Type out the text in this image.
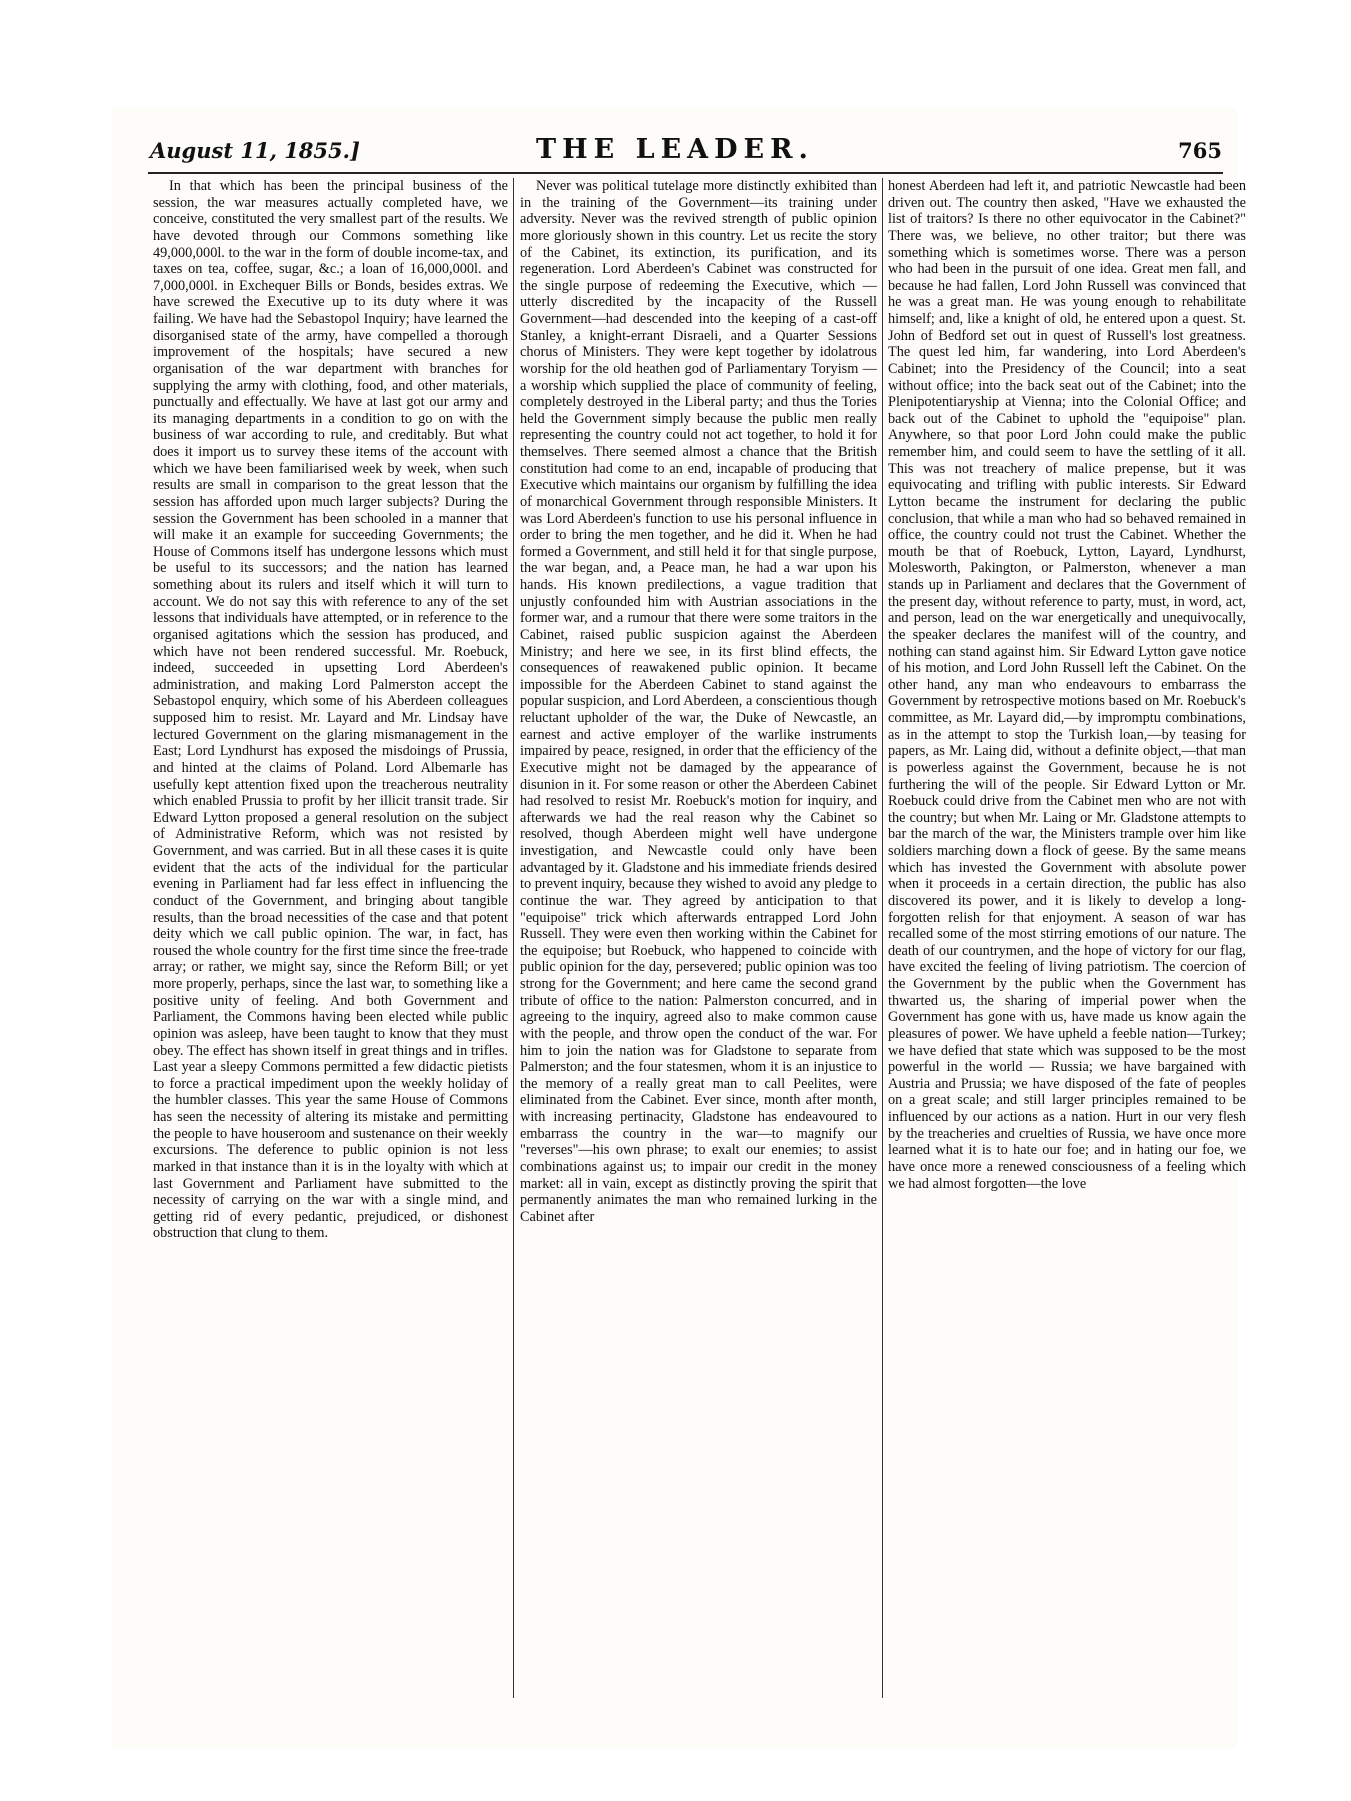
August 11, 1855.]	THE LEADER.	765

In that which has been the principal business of the session, the war measures actually completed have, we conceive, constituted the very smallest part of the results. We have devoted through our Commons something like 49,000,000l. to the war in the form of double income-tax, and taxes on tea, coffee, sugar, &c.; a loan of 16,000,000l. and 7,000,000l. in Exchequer Bills or Bonds, besides extras. We have screwed the Executive up to its duty where it was failing. We have had the Sebastopol Inquiry; have learned the disorganised state of the army, have compelled a thorough improvement of the hospitals; have secured a new organisation of the war department with branches for supplying the army with clothing, food, and other materials, punctually and effectually. We have at last got our army and its managing departments in a condition to go on with the business of war according to rule, and creditably. But what does it import us to survey these items of the account with which we have been familiarised week by week, when such results are small in comparison to the great lesson that the session has afforded upon much larger subjects? During the session the Government has been schooled in a manner that will make it an example for succeeding Governments; the House of Commons itself has undergone lessons which must be useful to its successors; and the nation has learned something about its rulers and itself which it will turn to account. We do not say this with reference to any of the set lessons that individuals have attempted, or in reference to the organised agitations which the session has produced, and which have not been rendered successful. Mr. Roebuck, indeed, succeeded in upsetting Lord Aberdeen's administration, and making Lord Palmerston accept the Sebastopol enquiry, which some of his Aberdeen colleagues supposed him to resist. Mr. Layard and Mr. Lindsay have lectured Government on the glaring mismanagement in the East; Lord Lyndhurst has exposed the misdoings of Prussia, and hinted at the claims of Poland. Lord Albemarle has usefully kept attention fixed upon the treacherous neutrality which enabled Prussia to profit by her illicit transit trade. Sir Edward Lytton proposed a general resolution on the subject of Administrative Reform, which was not resisted by Government, and was carried. But in all these cases it is quite evident that the acts of the individual for the particular evening in Parliament had far less effect in influencing the conduct of the Government, and bringing about tangible results, than the broad necessities of the case and that potent deity which we call public opinion. The war, in fact, has roused the whole country for the first time since the free-trade array; or rather, we might say, since the Reform Bill; or yet more properly, perhaps, since the last war, to something like a positive unity of feeling. And both Government and Parliament, the Commons having been elected while public opinion was asleep, have been taught to know that they must obey. The effect has shown itself in great things and in trifles. Last year a sleepy Commons permitted a few didactic pietists to force a practical impediment upon the weekly holiday of the humbler classes. This year the same House of Commons has seen the necessity of altering its mistake and permitting the people to have houseroom and sustenance on their weekly excursions. The deference to public opinion is not less marked in that instance than it is in the loyalty with which at last Government and Parliament have submitted to the necessity of carrying on the war with a single mind, and getting rid of every pedantic, prejudiced, or dishonest obstruction that clung to them.

Never was political tutelage more distinctly exhibited than in the training of the Government—its training under adversity. Never was the revived strength of public opinion more gloriously shown in this country. Let us recite the story of the Cabinet, its extinction, its purification, and its regeneration. Lord Aberdeen's Cabinet was constructed for the single purpose of redeeming the Executive, which — utterly discredited by the incapacity of the Russell Government—had descended into the keeping of a cast-off Stanley, a knight-errant Disraeli, and a Quarter Sessions chorus of Ministers. They were kept together by idolatrous worship for the old heathen god of Parliamentary Toryism — a worship which supplied the place of community of feeling, completely destroyed in the Liberal party; and thus the Tories held the Government simply because the public men really representing the country could not act together, to hold it for themselves. There seemed almost a chance that the British constitution had come to an end, incapable of producing that Executive which maintains our organism by fulfilling the idea of monarchical Government through responsible Ministers. It was Lord Aberdeen's function to use his personal influence in order to bring the men together, and he did it. When he had formed a Government, and still held it for that single purpose, the war began, and, a Peace man, he had a war upon his hands. His known predilections, a vague tradition that unjustly confounded him with Austrian associations in the former war, and a rumour that there were some traitors in the Cabinet, raised public suspicion against the Aberdeen Ministry; and here we see, in its first blind effects, the consequences of reawakened public opinion. It became impossible for the Aberdeen Cabinet to stand against the popular suspicion, and Lord Aberdeen, a conscientious though reluctant upholder of the war, the Duke of Newcastle, an earnest and active employer of the warlike instruments impaired by peace, resigned, in order that the efficiency of the Executive might not be damaged by the appearance of disunion in it. For some reason or other the Aberdeen Cabinet had resolved to resist Mr. Roebuck's motion for inquiry, and afterwards we had the real reason why the Cabinet so resolved, though Aberdeen might well have undergone investigation, and Newcastle could only have been advantaged by it. Gladstone and his immediate friends desired to prevent inquiry, because they wished to avoid any pledge to continue the war. They agreed by anticipation to that "equipoise" trick which afterwards entrapped Lord John Russell. They were even then working within the Cabinet for the equipoise; but Roebuck, who happened to coincide with public opinion for the day, persevered; public opinion was too strong for the Government; and here came the second grand tribute of office to the nation: Palmerston concurred, and in agreeing to the inquiry, agreed also to make common cause with the people, and throw open the conduct of the war. For him to join the nation was for Gladstone to separate from Palmerston; and the four statesmen, whom it is an injustice to the memory of a really great man to call Peelites, were eliminated from the Cabinet. Ever since, month after month, with increasing pertinacity, Gladstone has endeavoured to embarrass the country in the war—to magnify our "reverses"—his own phrase; to exalt our enemies; to assist combinations against us; to impair our credit in the money market: all in vain, except as distinctly proving the spirit that permanently animates the man who remained lurking in the Cabinet after

honest Aberdeen had left it, and patriotic Newcastle had been driven out. The country then asked, "Have we exhausted the list of traitors? Is there no other equivocator in the Cabinet?" There was, we believe, no other traitor; but there was something which is sometimes worse. There was a person who had been in the pursuit of one idea. Great men fall, and because he had fallen, Lord John Russell was convinced that he was a great man. He was young enough to rehabilitate himself; and, like a knight of old, he entered upon a quest. St. John of Bedford set out in quest of Russell's lost greatness. The quest led him, far wandering, into Lord Aberdeen's Cabinet; into the Presidency of the Council; into a seat without office; into the back seat out of the Cabinet; into the Plenipotentiaryship at Vienna; into the Colonial Office; and back out of the Cabinet to uphold the "equipoise" plan. Anywhere, so that poor Lord John could make the public remember him, and could seem to have the settling of it all. This was not treachery of malice prepense, but it was equivocating and trifling with public interests. Sir Edward Lytton became the instrument for declaring the public conclusion, that while a man who had so behaved remained in office, the country could not trust the Cabinet. Whether the mouth be that of Roebuck, Lytton, Layard, Lyndhurst, Molesworth, Pakington, or Palmerston, whenever a man stands up in Parliament and declares that the Government of the present day, without reference to party, must, in word, act, and person, lead on the war energetically and unequivocally, the speaker declares the manifest will of the country, and nothing can stand against him. Sir Edward Lytton gave notice of his motion, and Lord John Russell left the Cabinet. On the other hand, any man who endeavours to embarrass the Government by retrospective motions based on Mr. Roebuck's committee, as Mr. Layard did,—by impromptu combinations, as in the attempt to stop the Turkish loan,—by teasing for papers, as Mr. Laing did, without a definite object,—that man is powerless against the Government, because he is not furthering the will of the people. Sir Edward Lytton or Mr. Roebuck could drive from the Cabinet men who are not with the country; but when Mr. Laing or Mr. Gladstone attempts to bar the march of the war, the Ministers trample over him like soldiers marching down a flock of geese. By the same means which has invested the Government with absolute power when it proceeds in a certain direction, the public has also discovered its power, and it is likely to develop a long-forgotten relish for that enjoyment. A season of war has recalled some of the most stirring emotions of our nature. The death of our countrymen, and the hope of victory for our flag, have excited the feeling of living patriotism. The coercion of the Government by the public when the Government has thwarted us, the sharing of imperial power when the Government has gone with us, have made us know again the pleasures of power. We have upheld a feeble nation—Turkey; we have defied that state which was supposed to be the most powerful in the world — Russia; we have bargained with Austria and Prussia; we have disposed of the fate of peoples on a great scale; and still larger principles remained to be influenced by our actions as a nation. Hurt in our very flesh by the treacheries and cruelties of Russia, we have once more learned what it is to hate our foe; and in hating our foe, we have once more a renewed consciousness of a feeling which we had almost forgotten—the love
